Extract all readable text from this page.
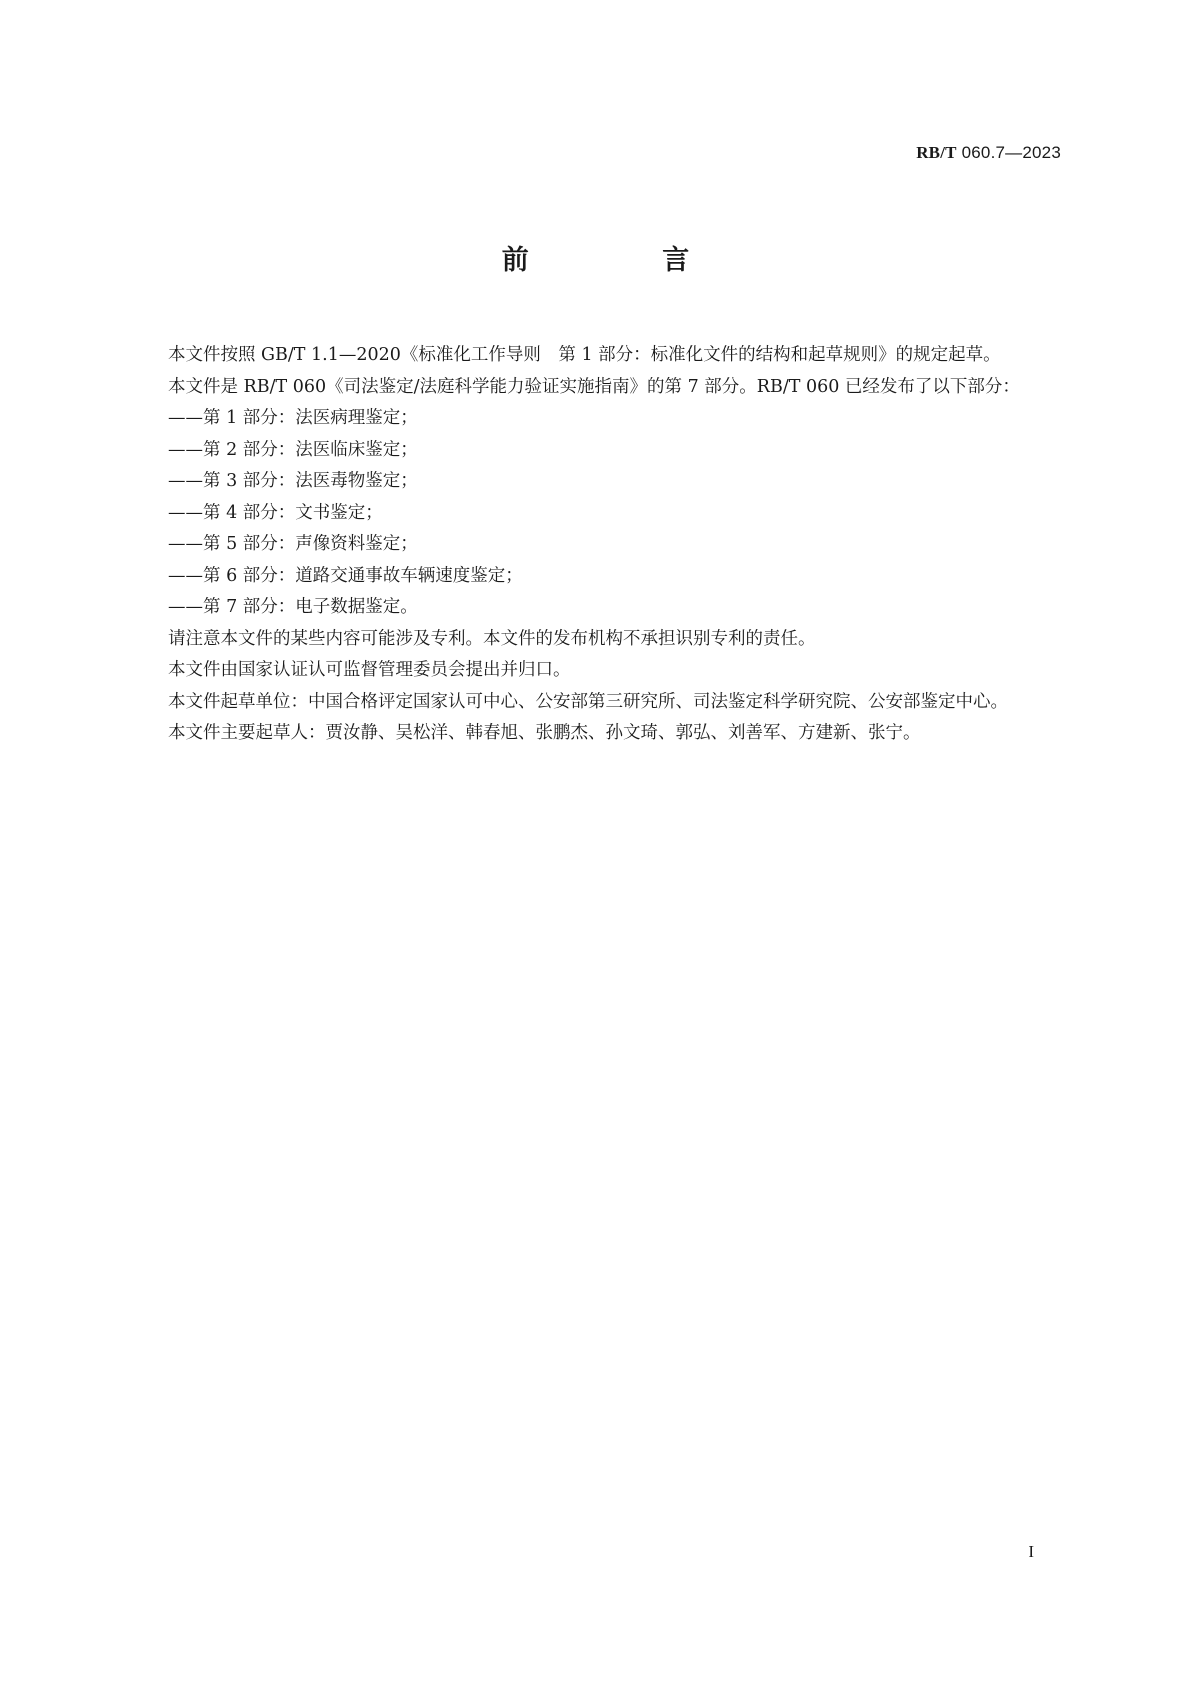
RB/T 060.7—2023
前 言

本文件按照 GB/T 1.1—2020《标准化工作导则　第 1 部分：标准化文件的结构和起草规则》的规定起草。

本文件是 RB/T 060《司法鉴定/法庭科学能力验证实施指南》的第 7 部分。RB/T 060 已经发布了以下部分：

——第 1 部分：法医病理鉴定；

——第 2 部分：法医临床鉴定；

——第 3 部分：法医毒物鉴定；

——第 4 部分：文书鉴定；

——第 5 部分：声像资料鉴定；

——第 6 部分：道路交通事故车辆速度鉴定；

——第 7 部分：电子数据鉴定。

请注意本文件的某些内容可能涉及专利。本文件的发布机构不承担识别专利的责任。

本文件由国家认证认可监督管理委员会提出并归口。

本文件起草单位：中国合格评定国家认可中心、公安部第三研究所、司法鉴定科学研究院、公安部鉴定中心。

本文件主要起草人：贾汝静、吴松洋、韩春旭、张鹏杰、孙文琦、郭弘、刘善军、方建新、张宁。

I
